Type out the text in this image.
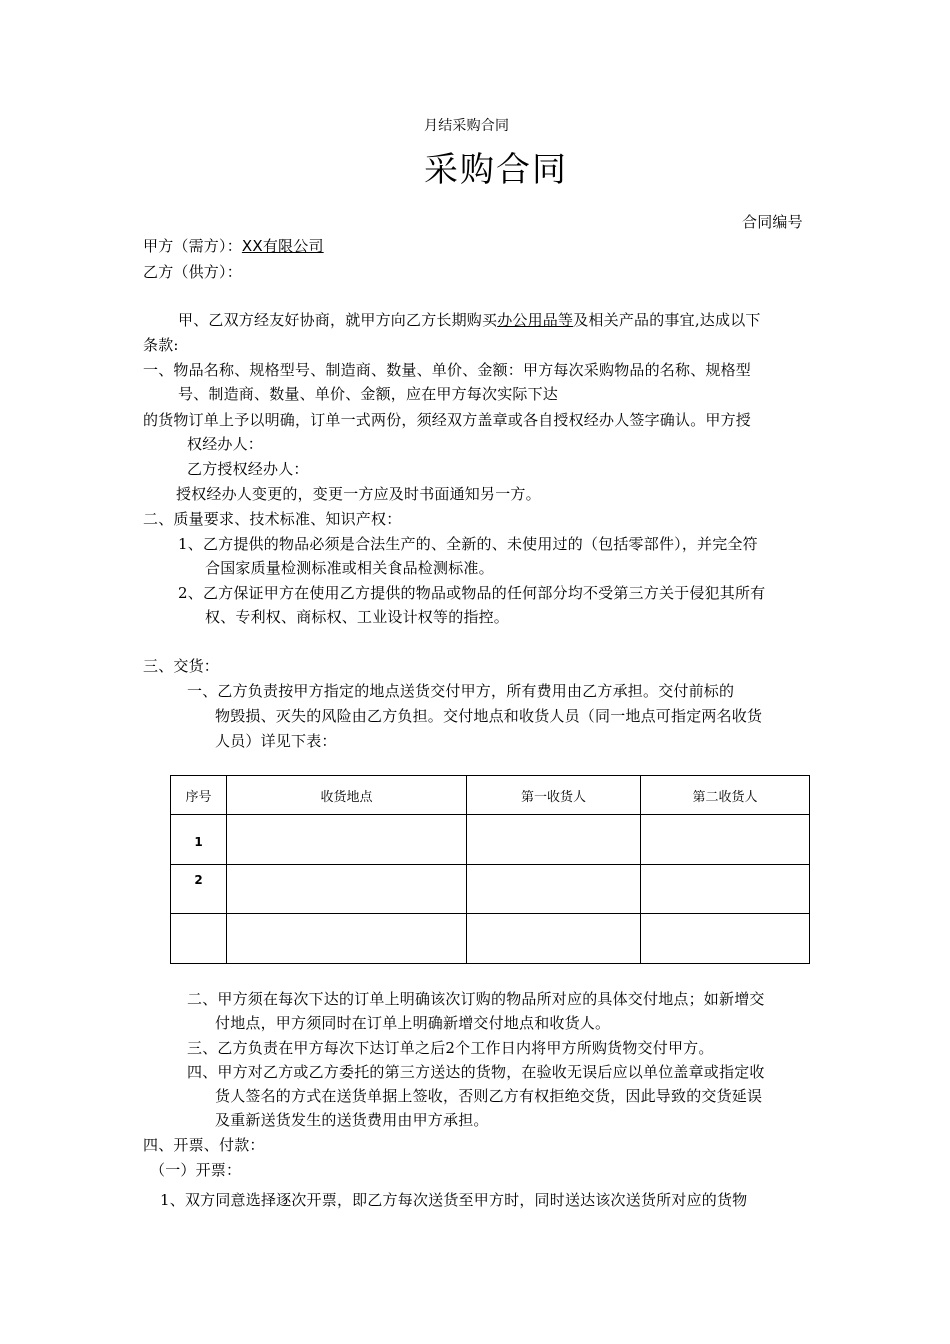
月结采购合同
采购合同
合同编号
甲方（需方）：XX有限公司
乙方（供方）：
甲、乙双方经友好协商，就甲方向乙方长期购买办公用品等及相关产品的事宜,达成以下
条款:
一、物品名称、规格型号、制造商、数量、单价、金额：甲方每次采购物品的名称、规格型
号、制造商、数量、单价、金额，应在甲方每次实际下达
的货物订单上予以明确，订单一式两份，须经双方盖章或各自授权经办人签字确认。甲方授
权经办人：
乙方授权经办人：
授权经办人变更的，变更一方应及时书面通知另一方。
二、质量要求、技术标准、知识产权：
1、乙方提供的物品必须是合法生产的、全新的、未使用过的（包括零部件），并完全符
合国家质量检测标准或相关食品检测标准。
2、乙方保证甲方在使用乙方提供的物品或物品的任何部分均不受第三方关于侵犯其所有
权、专利权、商标权、工业设计权等的指控。
三、交货：
一、乙方负责按甲方指定的地点送货交付甲方，所有费用由乙方承担。交付前标的
物毁损、灭失的风险由乙方负担。交付地点和收货人员（同一地点可指定两名收货
人员）详见下表：
序号	收货地点	第一收货人	第二收货人
1			
2			

二、甲方须在每次下达的订单上明确该次订购的物品所对应的具体交付地点；如新增交
付地点，甲方须同时在订单上明确新增交付地点和收货人。
三、乙方负责在甲方每次下达订单之后2个工作日内将甲方所购货物交付甲方。
四、甲方对乙方或乙方委托的第三方送达的货物，在验收无误后应以单位盖章或指定收
货人签名的方式在送货单据上签收，否则乙方有权拒绝交货，因此导致的交货延误
及重新送货发生的送货费用由甲方承担。
四、开票、付款：
（一）开票：
1、双方同意选择逐次开票，即乙方每次送货至甲方时，同时送达该次送货所对应的货物
